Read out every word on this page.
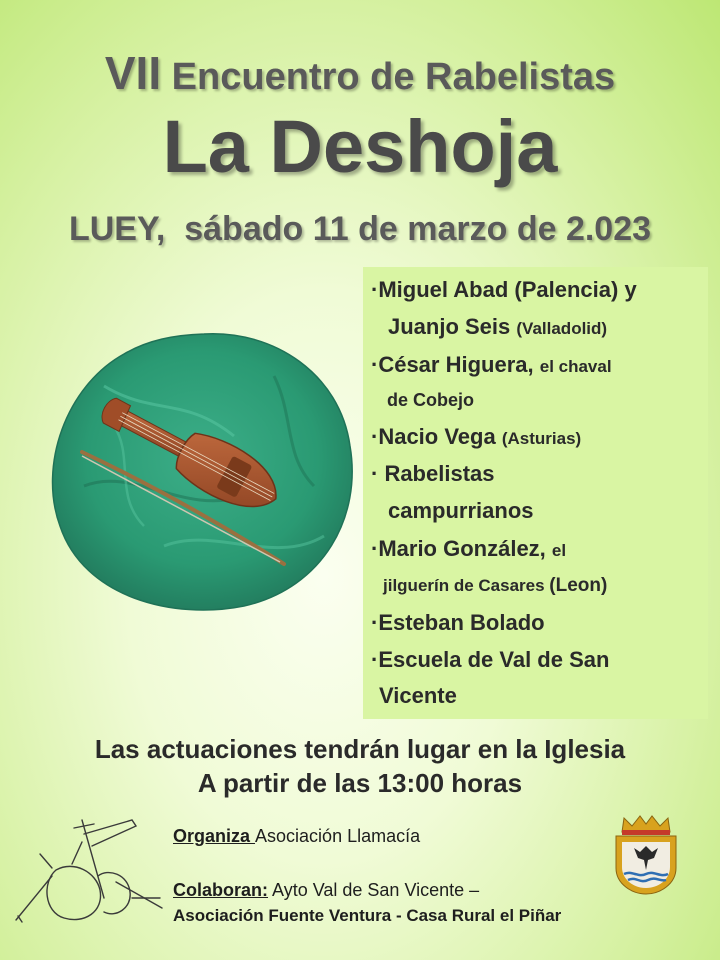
VII Encuentro de Rabelistas
La Deshoja
LUEY, sábado 11 de marzo de 2.023
·Miguel Abad (Palencia) y
Juanjo Seis (Valladolid)
·César Higuera, el chaval
de Cobejo
·Nacio Vega (Asturias)
· Rabelistas
campurrianos
·Mario González, el
jilguerín de Casares (Leon)
·Esteban Bolado
·Escuela de Val de San
Vicente
Las actuaciones tendrán lugar en la Iglesia
A partir de las 13:00 horas
Organiza Asociación Llamacía
Colaboran: Ayto Val de San Vicente –
Asociación Fuente Ventura - Casa Rural el Piñar
